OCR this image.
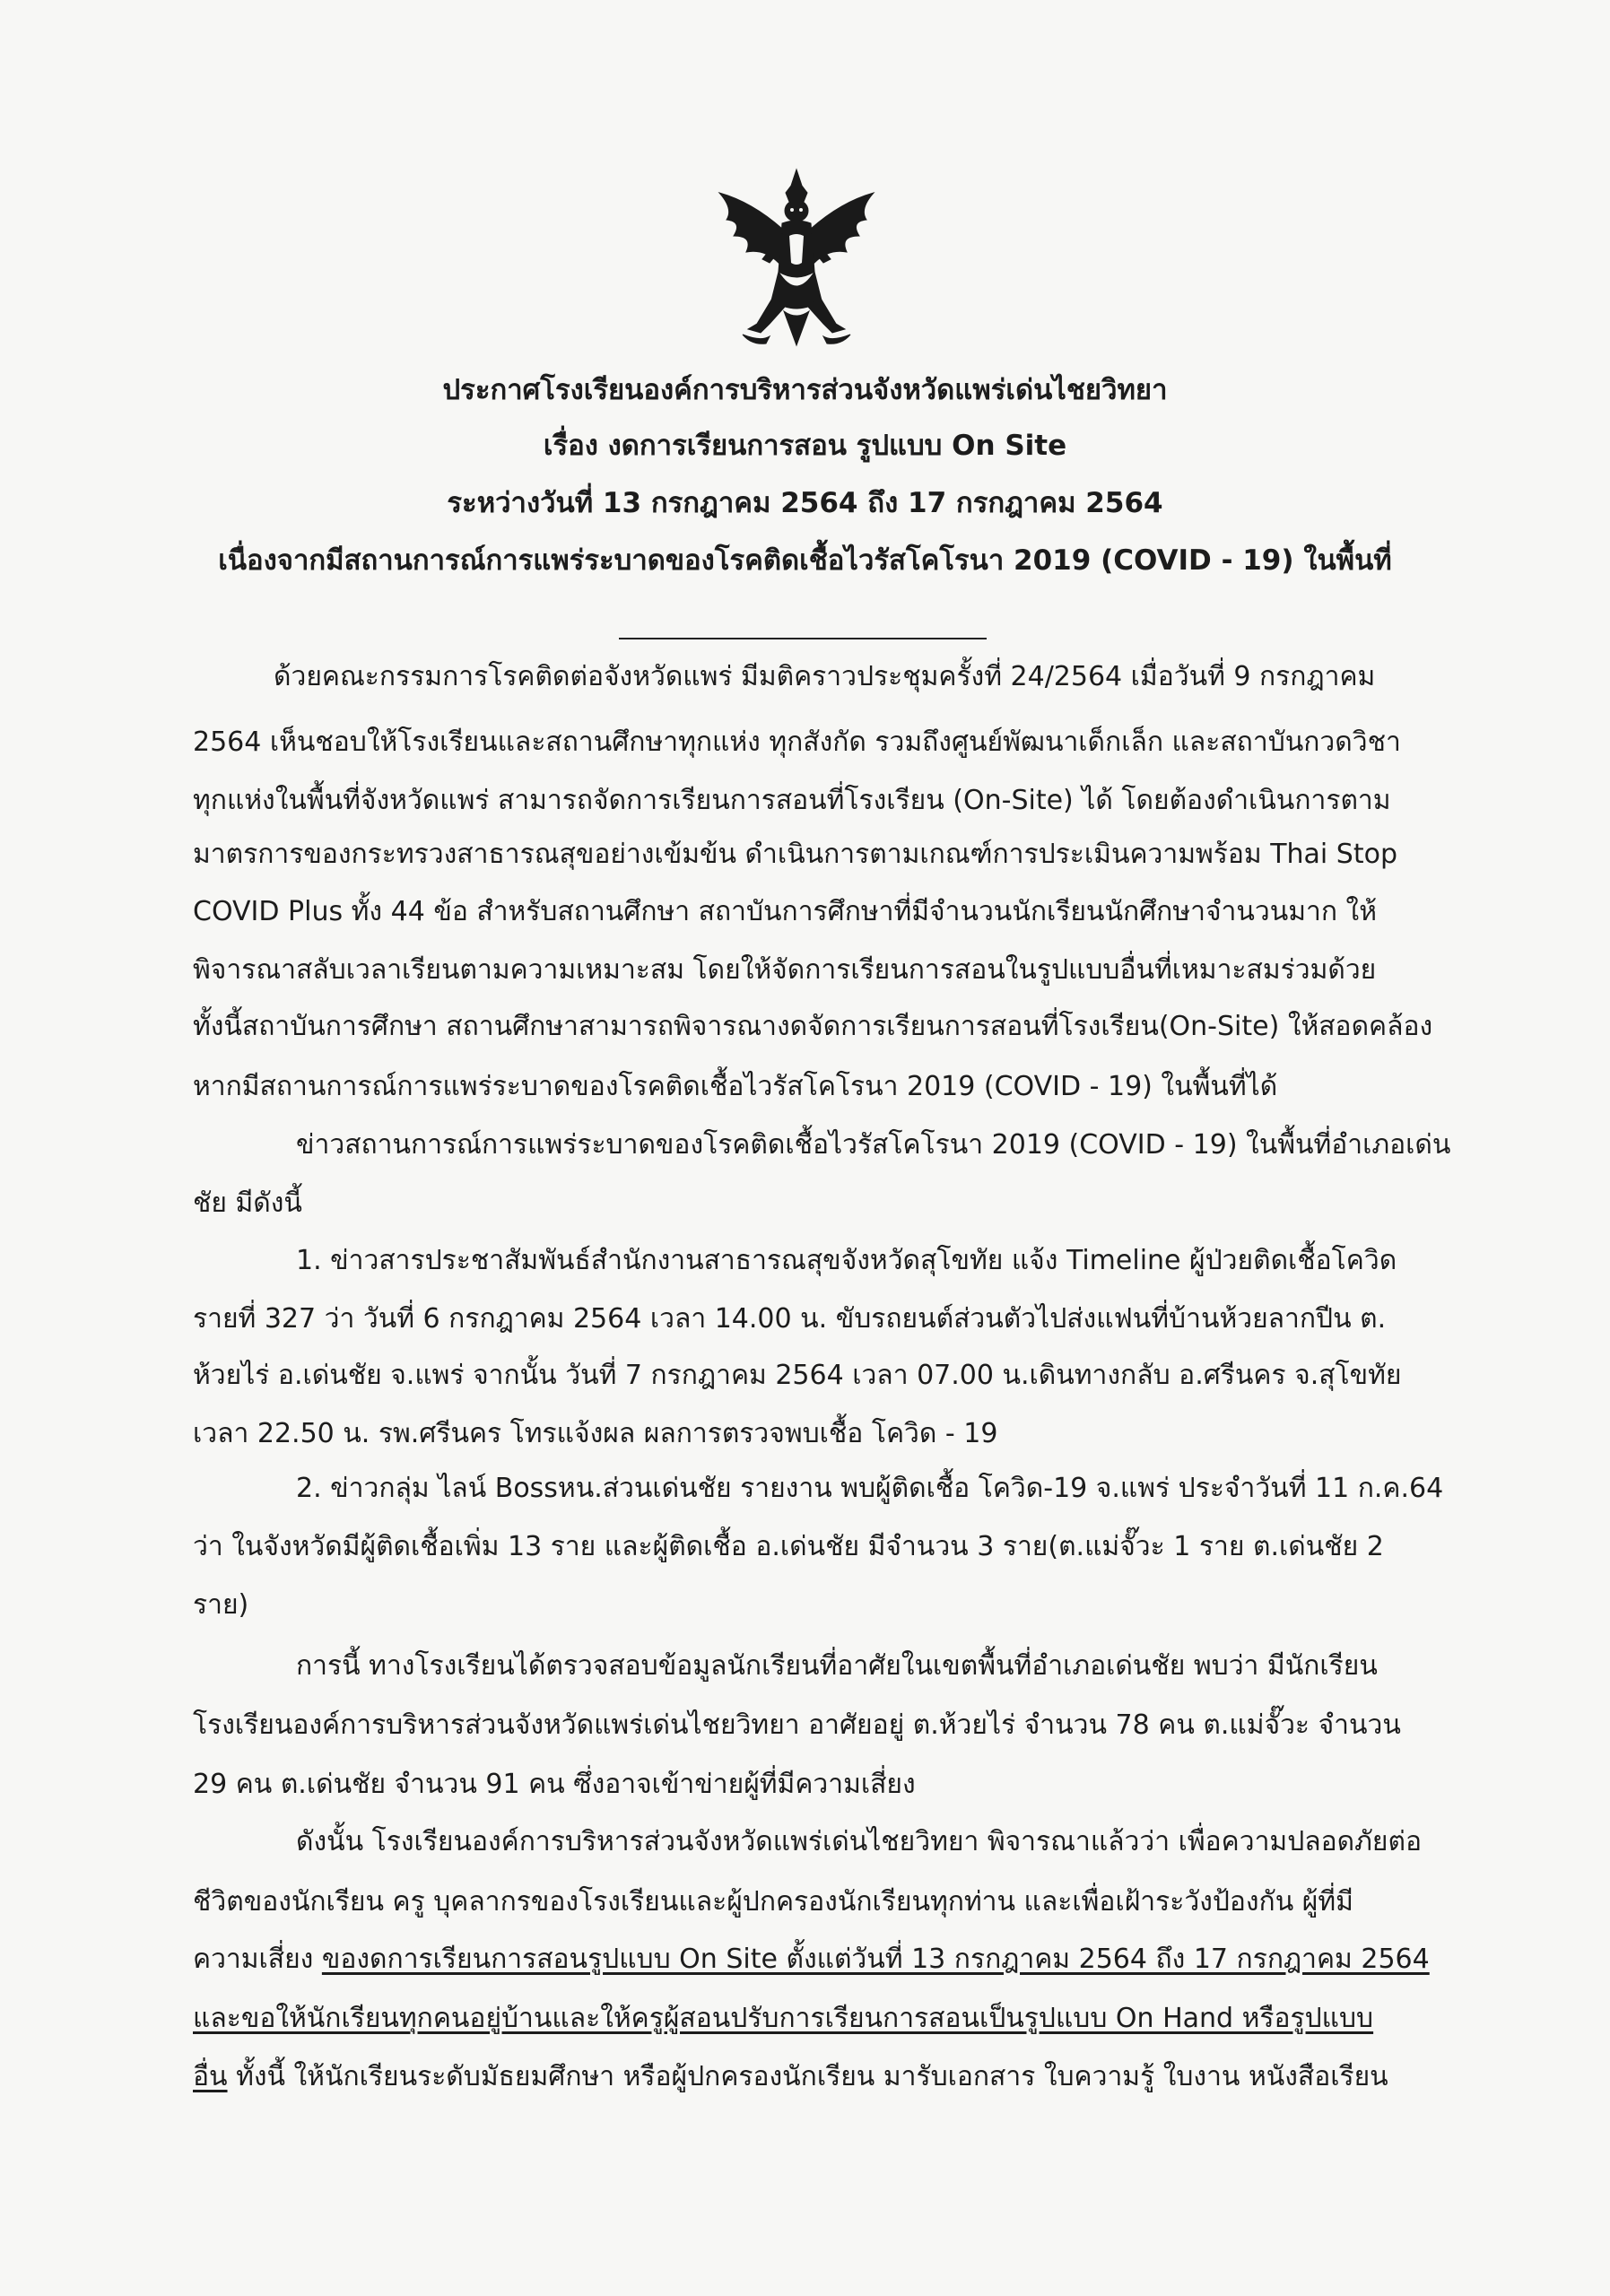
ประกาศโรงเรียนองค์การบริหารส่วนจังหวัดแพร่เด่นไชยวิทยา
เรื่อง งดการเรียนการสอน รูปแบบ On Site
ระหว่างวันที่ 13 กรกฎาคม 2564 ถึง 17 กรกฎาคม 2564
เนื่องจากมีสถานการณ์การแพร่ระบาดของโรคติดเชื้อไวรัสโคโรนา 2019 (COVID - 19) ในพื้นที่
ด้วยคณะกรรมการโรคติดต่อจังหวัดแพร่ มีมติคราวประชุมครั้งที่ 24/2564 เมื่อวันที่ 9 กรกฎาคม
2564 เห็นชอบให้โรงเรียนและสถานศึกษาทุกแห่ง ทุกสังกัด รวมถึงศูนย์พัฒนาเด็กเล็ก และสถาบันกวดวิชา
ทุกแห่งในพื้นที่จังหวัดแพร่ สามารถจัดการเรียนการสอนที่โรงเรียน (On-Site) ได้ โดยต้องดำเนินการตาม
มาตรการของกระทรวงสาธารณสุขอย่างเข้มข้น ดำเนินการตามเกณฑ์การประเมินความพร้อม Thai Stop
COVID Plus ทั้ง 44 ข้อ สำหรับสถานศึกษา สถาบันการศึกษาที่มีจำนวนนักเรียนนักศึกษาจำนวนมาก ให้
พิจารณาสลับเวลาเรียนตามความเหมาะสม โดยให้จัดการเรียนการสอนในรูปแบบอื่นที่เหมาะสมร่วมด้วย
ทั้งนี้สถาบันการศึกษา สถานศึกษาสามารถพิจารณางดจัดการเรียนการสอนที่โรงเรียน(On-Site) ให้สอดคล้อง
หากมีสถานการณ์การแพร่ระบาดของโรคติดเชื้อไวรัสโคโรนา 2019 (COVID - 19) ในพื้นที่ได้
ข่าวสถานการณ์การแพร่ระบาดของโรคติดเชื้อไวรัสโคโรนา 2019 (COVID - 19) ในพื้นที่อำเภอเด่น
ชัย มีดังนี้
1. ข่าวสารประชาสัมพันธ์สำนักงานสาธารณสุขจังหวัดสุโขทัย แจ้ง Timeline ผู้ป่วยติดเชื้อโควิด
รายที่ 327 ว่า วันที่ 6 กรกฎาคม 2564 เวลา 14.00 น. ขับรถยนต์ส่วนตัวไปส่งแฟนที่บ้านห้วยลากปีน ต.
ห้วยไร่ อ.เด่นชัย จ.แพร่ จากนั้น วันที่ 7 กรกฎาคม 2564 เวลา 07.00 น.เดินทางกลับ อ.ศรีนคร จ.สุโขทัย
เวลา 22.50 น. รพ.ศรีนคร โทรแจ้งผล ผลการตรวจพบเชื้อ โควิด - 19
2. ข่าวกลุ่ม ไลน์ Bossหน.ส่วนเด่นชัย รายงาน พบผู้ติดเชื้อ โควิด-19 จ.แพร่ ประจำวันที่ 11 ก.ค.64
ว่า ในจังหวัดมีผู้ติดเชื้อเพิ่ม 13 ราย และผู้ติดเชื้อ อ.เด่นชัย มีจำนวน 3 ราย(ต.แม่จั๊วะ 1 ราย ต.เด่นชัย 2
ราย)
การนี้ ทางโรงเรียนได้ตรวจสอบข้อมูลนักเรียนที่อาศัยในเขตพื้นที่อำเภอเด่นชัย พบว่า มีนักเรียน
โรงเรียนองค์การบริหารส่วนจังหวัดแพร่เด่นไชยวิทยา อาศัยอยู่ ต.ห้วยไร่ จำนวน 78 คน ต.แม่จั๊วะ จำนวน
29 คน ต.เด่นชัย จำนวน 91 คน ซึ่งอาจเข้าข่ายผู้ที่มีความเสี่ยง
ดังนั้น โรงเรียนองค์การบริหารส่วนจังหวัดแพร่เด่นไชยวิทยา พิจารณาแล้วว่า เพื่อความปลอดภัยต่อ
ชีวิตของนักเรียน ครู บุคลากรของโรงเรียนและผู้ปกครองนักเรียนทุกท่าน และเพื่อเฝ้าระวังป้องกัน ผู้ที่มี
ความเสี่ยง ของดการเรียนการสอนรูปแบบ On Site ตั้งแต่วันที่ 13 กรกฎาคม 2564 ถึง 17 กรกฎาคม 2564
และขอให้นักเรียนทุกคนอยู่บ้านและให้ครูผู้สอนปรับการเรียนการสอนเป็นรูปแบบ On Hand หรือรูปแบบ
อื่น ทั้งนี้ ให้นักเรียนระดับมัธยมศึกษา หรือผู้ปกครองนักเรียน มารับเอกสาร ใบความรู้ ใบงาน หนังสือเรียน
